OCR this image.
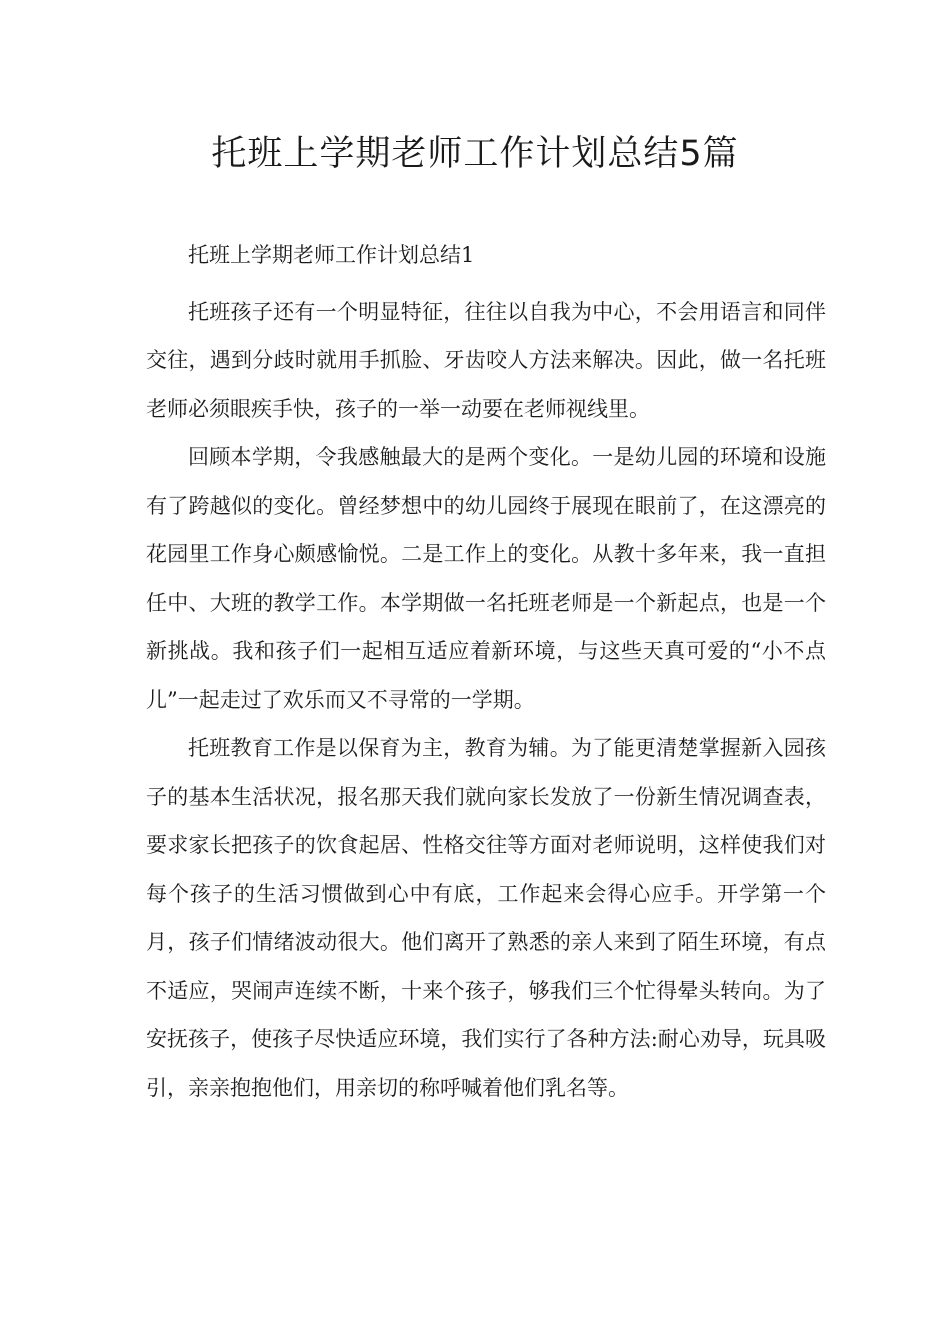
托班上学期老师工作计划总结5篇

托班上学期老师工作计划总结1

托班孩子还有一个明显特征，往往以自我为中心，不会用语言和同伴交往，遇到分歧时就用手抓脸、牙齿咬人方法来解决。因此，做一名托班老师必须眼疾手快，孩子的一举一动要在老师视线里。

回顾本学期，令我感触最大的是两个变化。一是幼儿园的环境和设施有了跨越似的变化。曾经梦想中的幼儿园终于展现在眼前了，在这漂亮的花园里工作身心颇感愉悦。二是工作上的变化。从教十多年来，我一直担任中、大班的教学工作。本学期做一名托班老师是一个新起点，也是一个新挑战。我和孩子们一起相互适应着新环境，与这些天真可爱的“小不点儿”一起走过了欢乐而又不寻常的一学期。

托班教育工作是以保育为主，教育为辅。为了能更清楚掌握新入园孩子的基本生活状况，报名那天我们就向家长发放了一份新生情况调查表，要求家长把孩子的饮食起居、性格交往等方面对老师说明，这样使我们对每个孩子的生活习惯做到心中有底，工作起来会得心应手。开学第一个月，孩子们情绪波动很大。他们离开了熟悉的亲人来到了陌生环境，有点不适应，哭闹声连续不断，十来个孩子，够我们三个忙得晕头转向。为了安抚孩子，使孩子尽快适应环境，我们实行了各种方法:耐心劝导，玩具吸引，亲亲抱抱他们，用亲切的称呼喊着他们乳名等。
